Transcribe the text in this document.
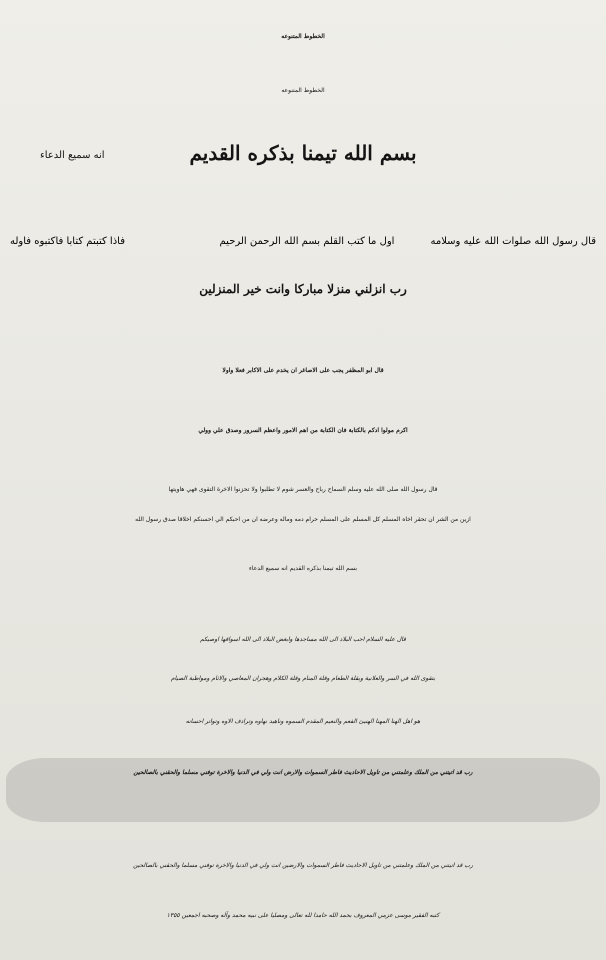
الخطوط المتنوعه
الخطوط المتنوعه
انه سميع الدعاء	بسم الله تيمنا بذكره القديم
قال رسول الله صلوات الله عليه وسلامه
اول ما كتب القلم بسم الله الرحمن الرحيم
فاذا كتبتم كتابا فاكتبوه فاوله
رب انزلني منزلا مباركا وانت خير المنزلين
قال ابو المظفر يجب على الاصاغر ان يخدم على الاكابر فعلا واولا
اكرم مولوا ادكم بالكتابة فان الكتابة من اهم الامور واعظم السرور وصدق علي وولي
قال رسول الله صلى الله عليه وسلم السماح رباح والعسر شوم لا تطلبوا ولا تحزنوا الاخرة التقوى فهي هاويتها
ازين من الشر ان تحقر اخاه المسلم كل المسلم على المسلم حرام دمه وماله وعرضه ان من احبكم الي احسنكم اخلاقا صدق رسول الله
بسم الله تيمنا بذكره القديم انه سميع الدعاء
قال عليه السلام احب البلاد الى الله مساجدها وابغض البلاد الى الله اسواقها اوصيكم
بتقوى الله في السر والعلانية وبقلة الطعام وقلة المنام وقلة الكلام وهجران المعاصي والاثام ومواظبة الصيام
هو اهل الهنا المهنا الهنيئ الفعم والنعيم المقدم السموه وناهيد نهاوه وترادف الاوه وتواتر احسانه
رب قد اتيتني من الملك وعلمتني من تاويل الاحاديث فاطر السموات والارض انت ولي في الدنيا والاخرة توفني مسلما والحقني بالصالحين
رب قد اتيتني من الملك وعلمتني من تاويل الاحاديث فاطر السموات والارضين انت ولي في الدنيا والاخرة توفني مسلما والحقني بالصالحين
كتبه الفقير موسى عزمي المعروف بحمد الله حامدا لله تعالى ومصليا على نبيه محمد وآله وصحبه اجمعين ١٣٥٥
